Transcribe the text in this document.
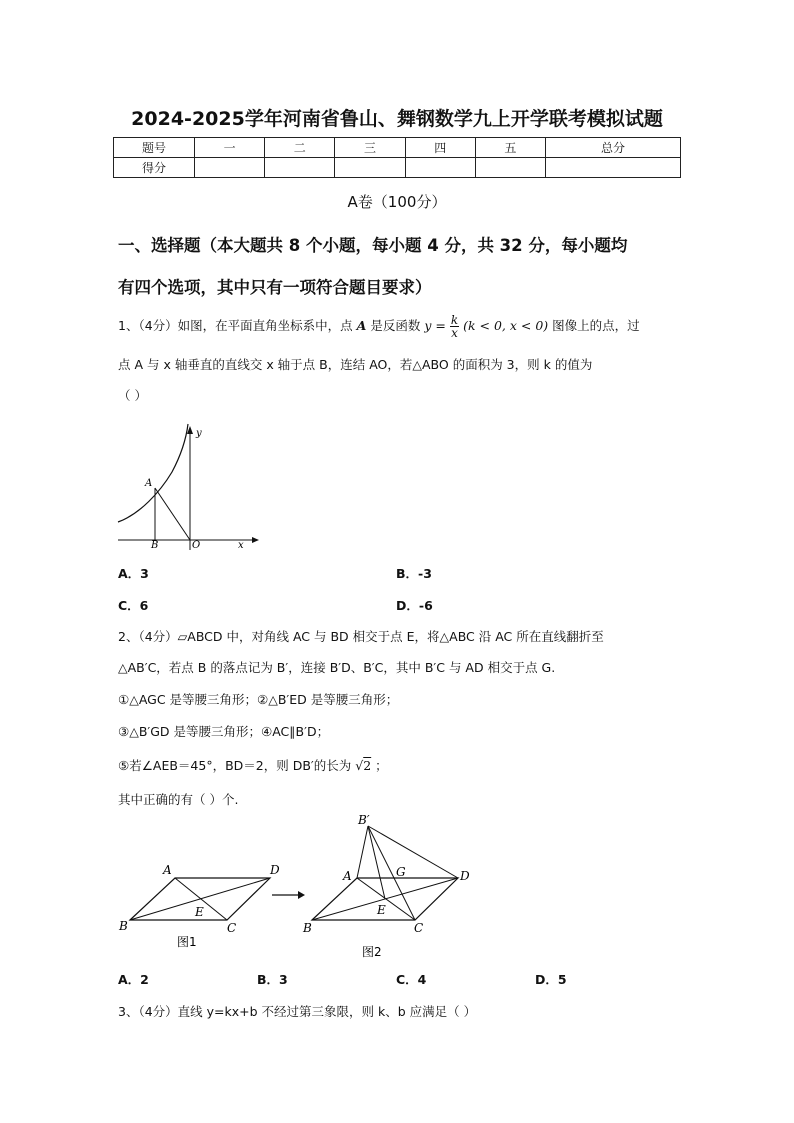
2024-2025学年河南省鲁山、舞钢数学九上开学联考模拟试题
题号	一	二	三	四	五	总分
得分						
A卷（100分）
一、选择题（本大题共 8 个小题，每小题 4 分，共 32 分，每小题均
有四个选项，其中只有一项符合题目要求）
1、（4分）如图，在平面直角坐标系中，点 A 是反函数 $y = \frac{k}{x} (k < 0$, x < 0) 图像上的点，过
点 A 与 x 轴垂直的直线交 x 轴于点 B，连结 AO，若△ABO 的面积为 3，则 k 的值为
（ ）
A
B	O	x
y
A．3	B．-3
C．6	D．-6
2、（4分）▱ABCD 中，对角线 AC 与 BD 相交于点 E，将△ABC 沿 AC 所在直线翻折至
△AB′C，若点 B 的落点记为 B′，连接 B′D、B′C，其中 B′C 与 AD 相交于点 G.
①△AGC 是等腰三角形；②△B′ED 是等腰三角形；
③△B′GD 是等腰三角形；④AC∥B′D；
⑤若∠AEB＝45°，BD＝2，则 DB′的长为 √2 ；
其中正确的有（ ）个.
A	D
B	C
E
图1
B′
A	G	D
E
B	C
图2
A．2	B．3	C．4	D．5
3、（4分）直线 y=kx+b 不经过第三象限，则 k、b 应满足（ ）
